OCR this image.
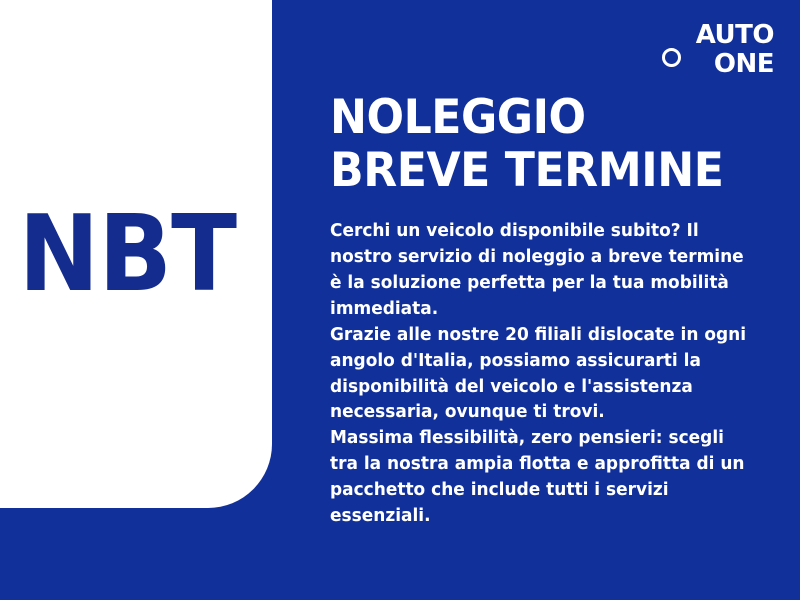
NBT
AUTO
ONE
NOLEGGIO
BREVE TERMINE

Cerchi un veicolo disponibile subito? Il nostro servizio di noleggio a breve termine è la soluzione perfetta per la tua mobilità immediata.

Grazie alle nostre 20 filiali dislocate in ogni angolo d'Italia, possiamo assicurarti la disponibilità del veicolo e l'assistenza necessaria, ovunque ti trovi.

Massima flessibilità, zero pensieri: scegli tra la nostra ampia flotta e approfitta di un pacchetto che include tutti i servizi essenziali.
